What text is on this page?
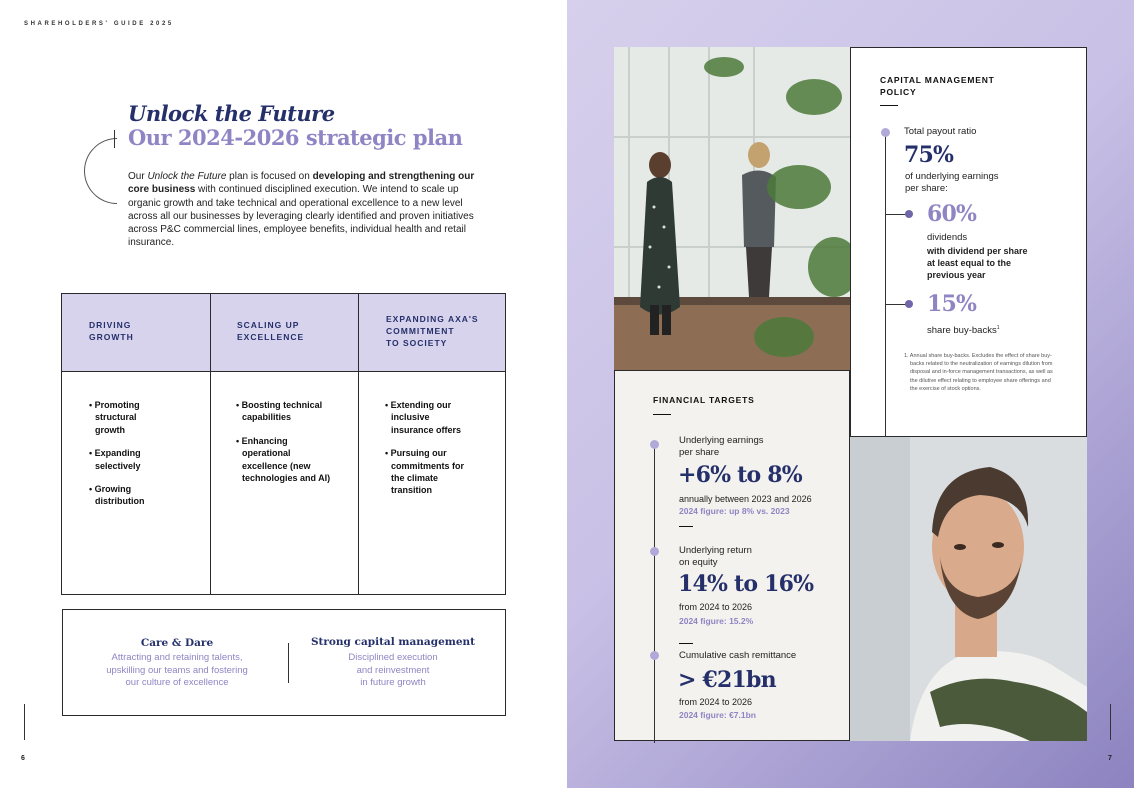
SHAREHOLDERS' GUIDE 2025
Unlock the Future
Our 2024-2026 strategic plan
Our Unlock the Future plan is focused on developing and strengthening our core business with continued disciplined execution. We intend to scale up organic growth and take technical and operational excellence to a new level across all our businesses by leveraging clearly identified and proven initiatives across P&C commercial lines, employee benefits, individual health and retail insurance.
DRIVING
GROWTH
SCALING UP
EXCELLENCE
EXPANDING AXA'S
COMMITMENT
TO SOCIETY
• Promoting structural growth
• Expanding selectively
• Growing distribution
• Boosting technical capabilities
• Enhancing operational excellence (new technologies and AI)
• Extending our inclusive insurance offers
• Pursuing our commitments for the climate transition
Care & Dare
Attracting and retaining talents,
upskilling our teams and fostering
our culture of excellence
Strong capital management
Disciplined execution
and reinvestment
in future growth
6
CAPITAL MANAGEMENT
POLICY
Total payout ratio
75%
of underlying earnings
per share:
60%
dividends
with dividend per share
at least equal to the
previous year
15%
share buy-backs$^1$
1. Annual share buy-backs. Excludes the effect of share buy-backs related to the neutralization of earnings dilution from disposal and in-force management transactions, as well as the dilutive effect relating to employee share offerings and the exercise of stock options.
FINANCIAL TARGETS
Underlying earnings
per share
+6% to 8%
annually between 2023 and 2026
2024 figure: up 8% vs. 2023
Underlying return
on equity
14% to 16%
from 2024 to 2026
2024 figure: 15.2%
Cumulative cash remittance
> €21bn
from 2024 to 2026
2024 figure: €7.1bn
7
